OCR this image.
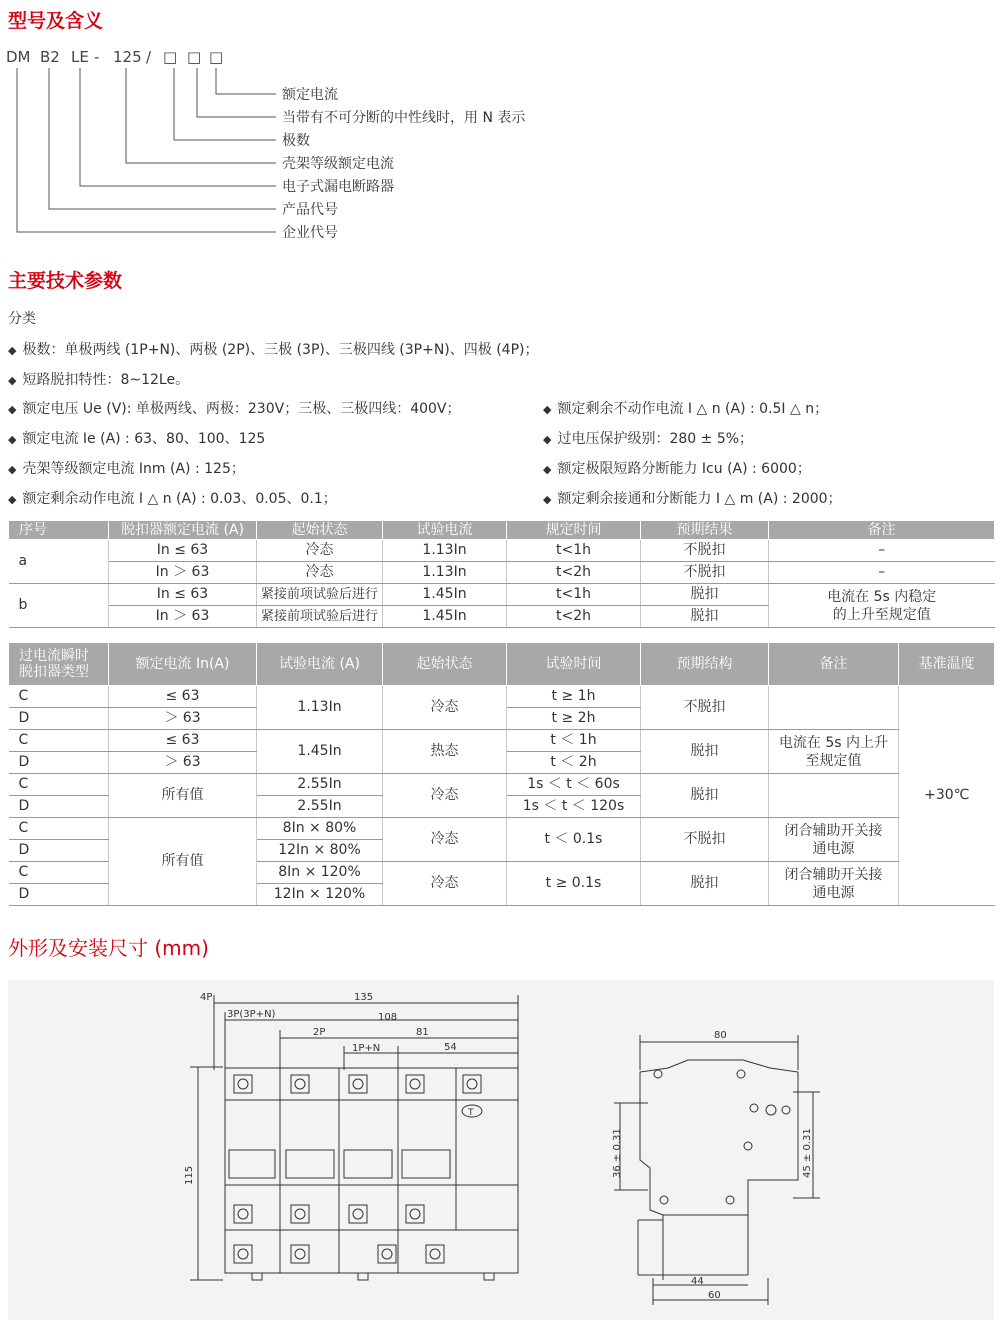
型号及含义
DM B2 LE - 125 / □ □ □
额定电流
当带有不可分断的中性线时，用 N 表示
极数
壳架等级额定电流
电子式漏电断路器
产品代号
企业代号
主要技术参数
分类
◆ 极数：单极两线 (1P+N)、两极 (2P)、三极 (3P)、三极四线 (3P+N)、四极 (4P)；
◆ 短路脱扣特性：8~12Le。
◆ 额定电压 Ue (V): 单极两线、两极：230V；三极、三极四线：400V；
◆ 额定电流 Ie (A) : 63、80、100、125
◆ 壳架等级额定电流 Inm (A) : 125；
◆ 额定剩余动作电流 I △ n (A) : 0.03、0.05、0.1；
◆ 额定剩余不动作电流 I △ n (A) : 0.5I △ n；
◆ 过电压保护级别：280 ± 5%；
◆ 额定极限短路分断能力 Icu (A) : 6000；
◆ 额定剩余接通和分断能力 I △ m (A) : 2000；
序号	脱扣器额定电流 (A)	起始状态	试验电流	规定时间	预期结果	备注
a	In ≤ 63	冷态	1.13In	t<1h	不脱扣	–
	In ＞ 63	冷态	1.13In	t<2h	不脱扣	–
b	In ≤ 63	紧接前项试验后进行	1.45In	t<1h	脱扣	电流在 5s 内稳定
的上升至规定值
	In ＞ 63	紧接前项试验后进行	1.45In	t<2h	脱扣	
过电流瞬时
脱扣器类型	额定电流 In(A)	试验电流 (A)	起始状态	试验时间	预期结构	备注	基准温度
C	≤ 63	1.13In	冷态	t ≥ 1h	不脱扣		+30℃
D	＞ 63			t ≥ 2h			
C	≤ 63	1.45In	热态	t ＜ 1h	脱扣	电流在 5s 内上升
至规定值	
D	＞ 63			t ＜ 2h			
C	所有值	2.55In	冷态	1s ＜ t ＜ 60s	脱扣		
D		2.55In		1s ＜ t ＜ 120s			
C	所有值	8In × 80%	冷态	t ＜ 0.1s	不脱扣	闭合辅助开关接
通电源	
D		12In × 80%					
C		8In × 120%	冷态	t ≥ 0.1s	脱扣	闭合辅助开关接
通电源	
D		12In × 120%					
外形及安装尺寸 (mm)
4P	135
3P(3P+N)	108
2P	81
1P+N	54
T
115
80
36 ± 0.31	45 ± 0.31
44
60
